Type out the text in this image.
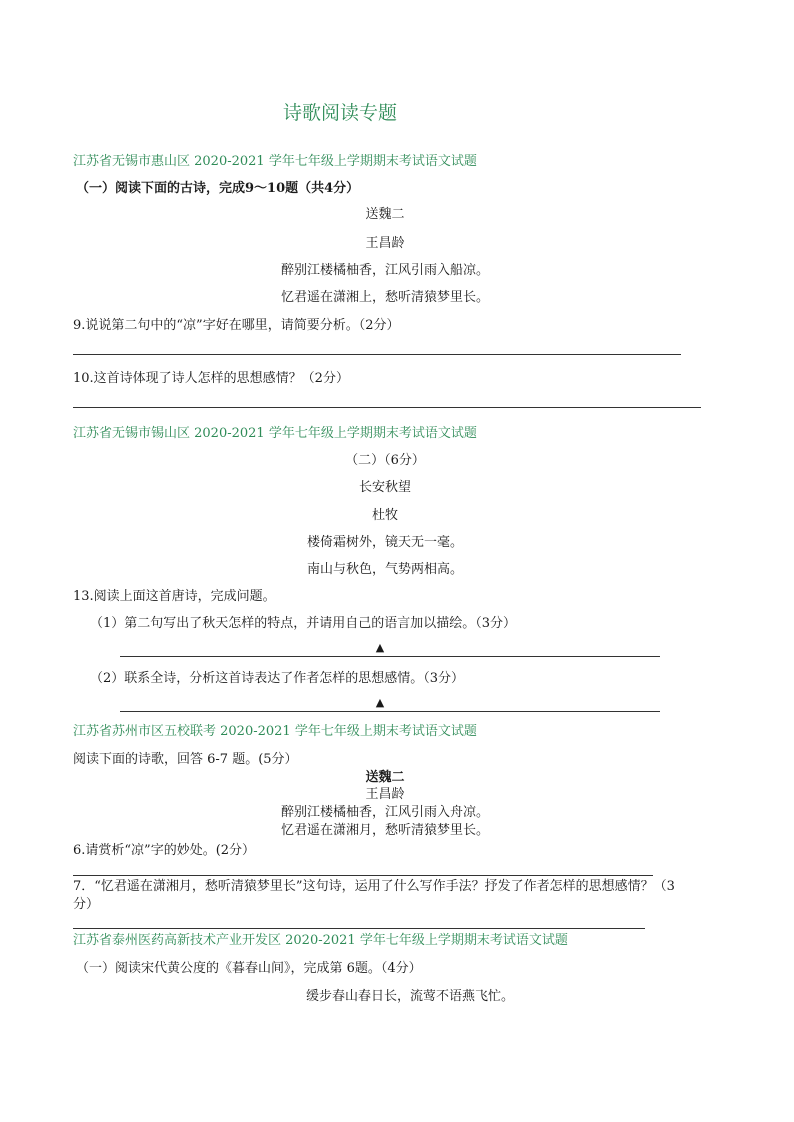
诗歌阅读专题
江苏省无锡市惠山区 2020-2021 学年七年级上学期期末考试语文试题
（一）阅读下面的古诗，完成9～10题（共4分）
送魏二
王昌龄
醉别江楼橘柚香，江风引雨入船凉。
忆君遥在潇湘上，愁听清猿梦里长。
9.说说第二句中的“凉”字好在哪里，请简要分析。（2分）
10.这首诗体现了诗人怎样的思想感情？（2分）
江苏省无锡市锡山区 2020-2021 学年七年级上学期期末考试语文试题
（二）（6分）
长安秋望
杜牧
楼倚霜树外，镜天无一毫。
南山与秋色，气势两相高。
13.阅读上面这首唐诗，完成问题。
（1）第二句写出了秋天怎样的特点，并请用自己的语言加以描绘。（3分）
▲
（2）联系全诗，分析这首诗表达了作者怎样的思想感情。（3分）
▲
江苏省苏州市区五校联考 2020-2021 学年七年级上期末考试语文试题
阅读下面的诗歌，回答 6-7 题。(5分）
送魏二
王昌龄
醉别江楼橘柚香，江风引雨入舟凉。
忆君遥在潇湘月，愁听清猿梦里长。
6.请赏析“凉”字的妙处。(2分）
7．“忆君遥在潇湘月，愁听清猿梦里长”这句诗，运用了什么写作手法？抒发了作者怎样的思想感情？（3
分）
江苏省泰州医药高新技术产业开发区 2020-2021 学年七年级上学期期末考试语文试题
（一）阅读宋代黄公度的《暮春山间》，完成第 6题。（4分）
缓步春山春日长，流莺不语燕飞忙。
